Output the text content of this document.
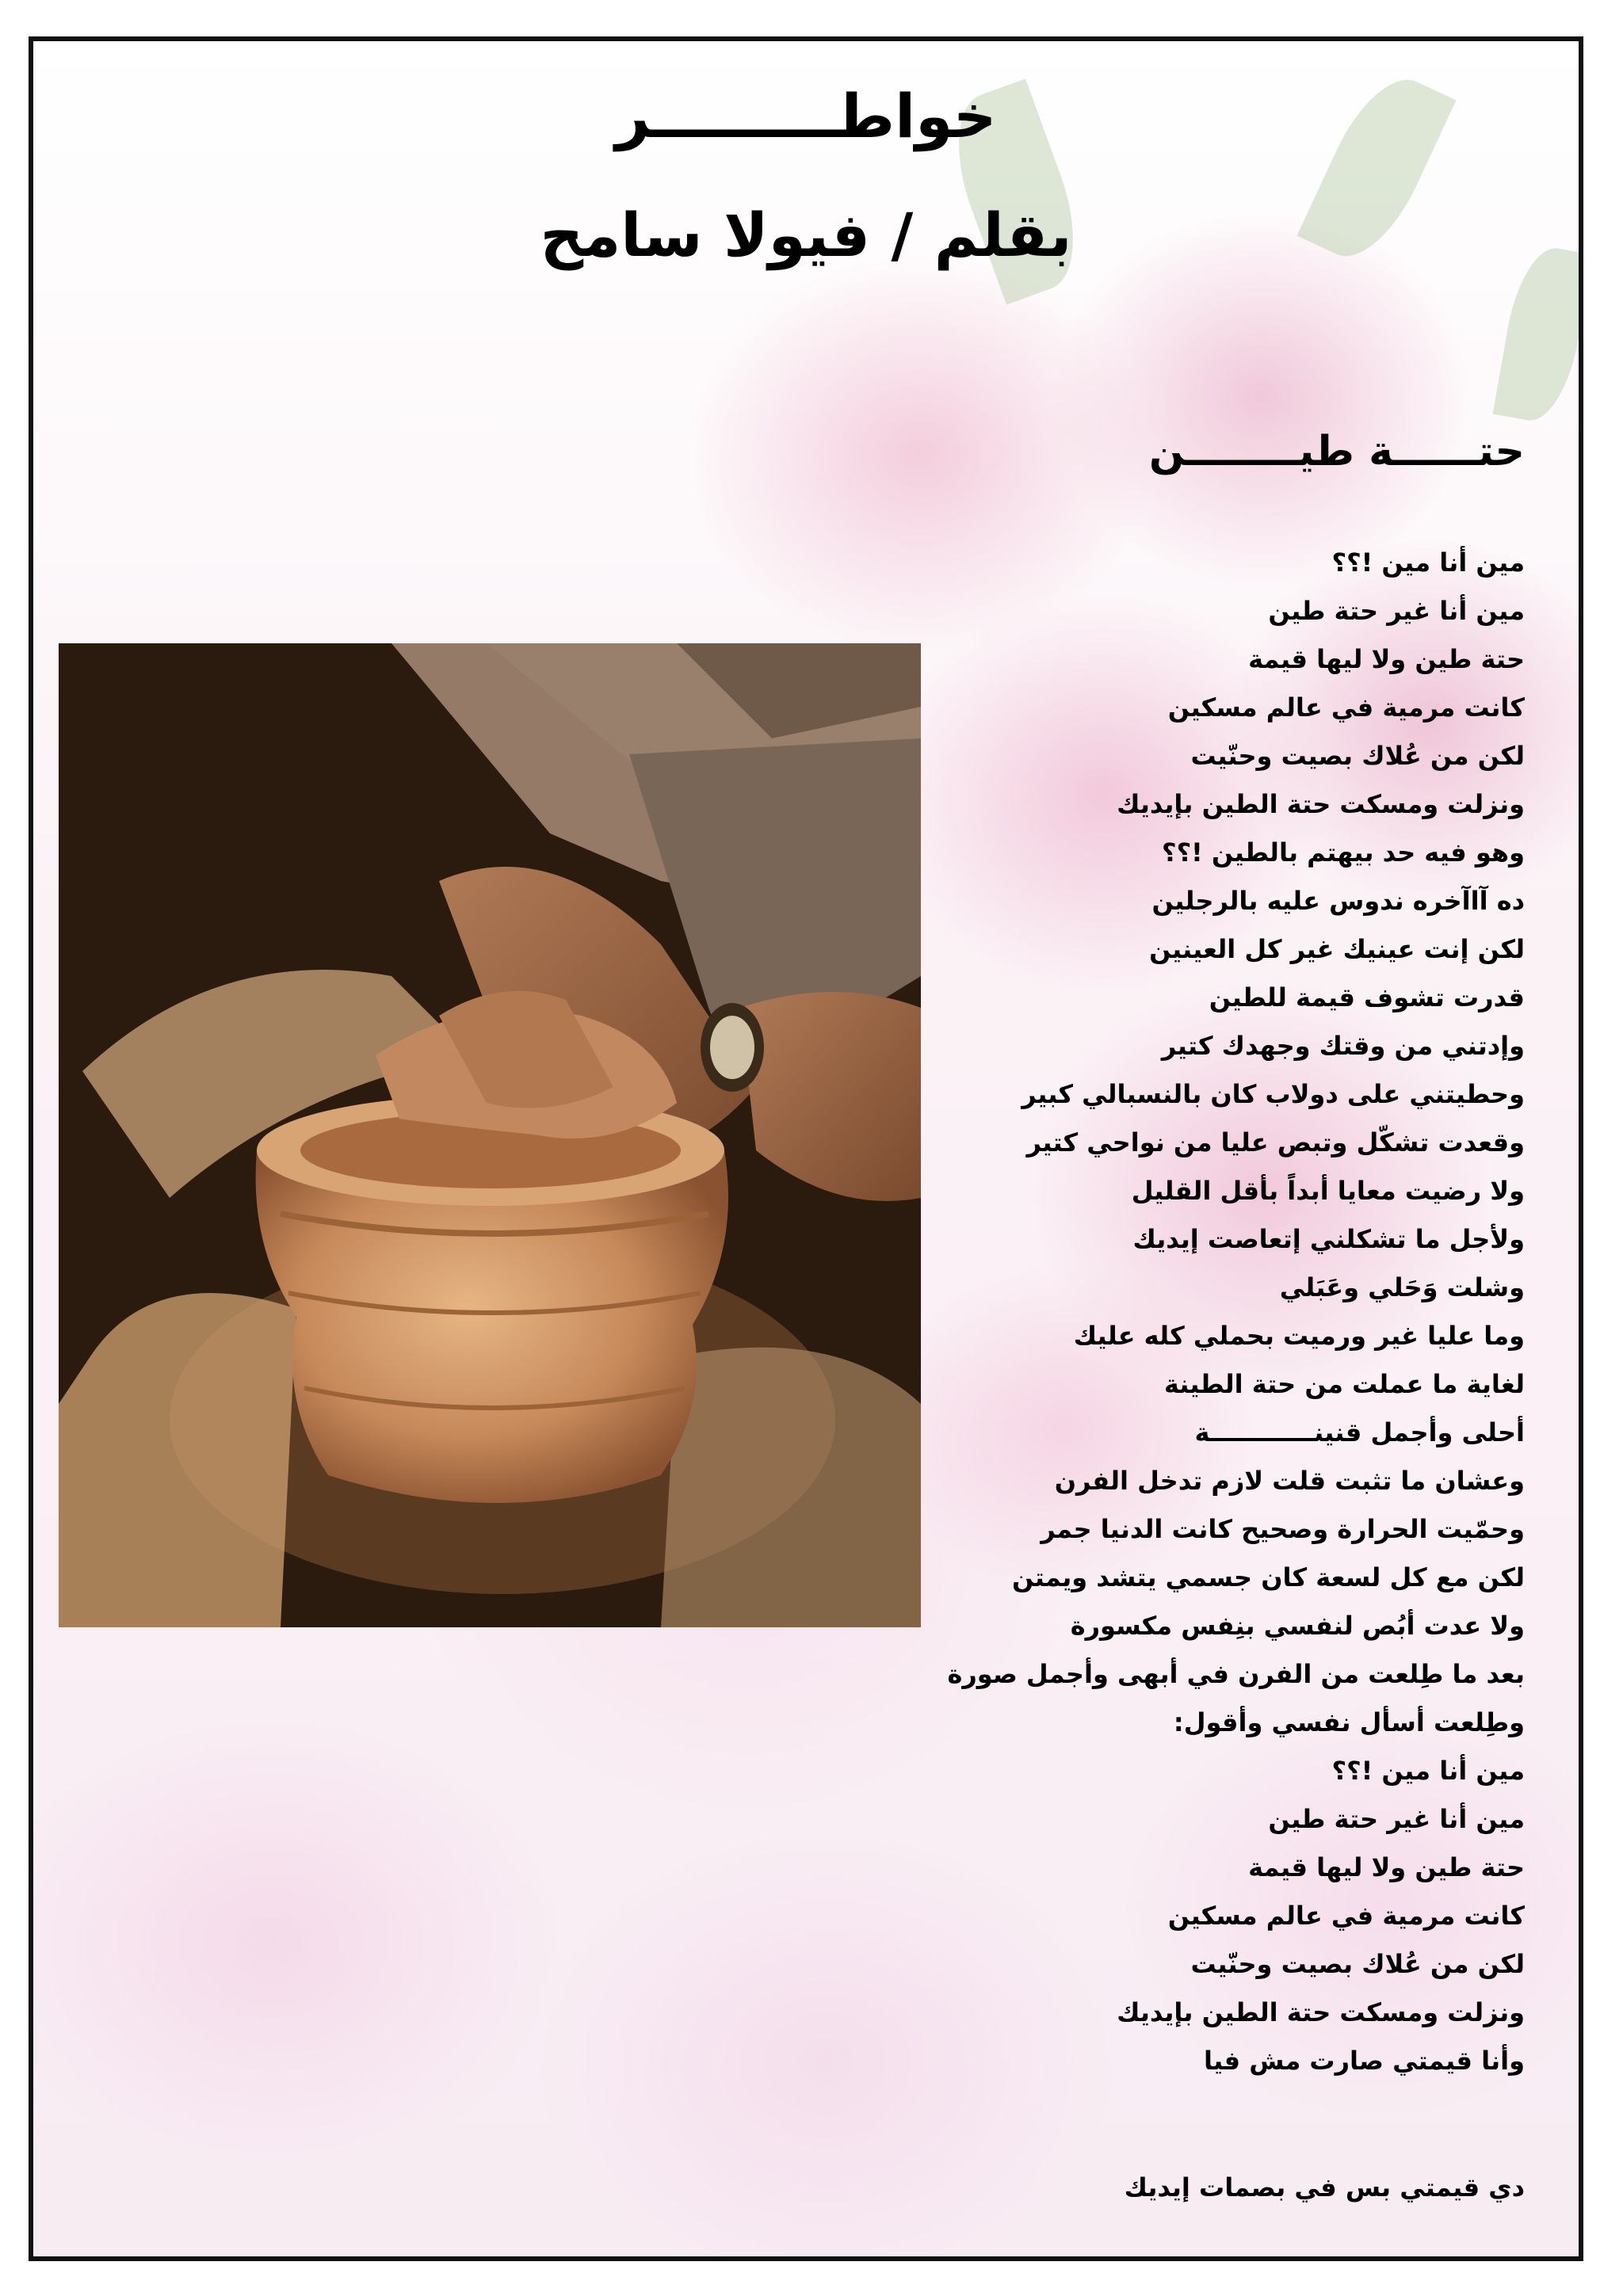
خواطـــــــــر
بقلم / فيولا سامح
حتــــــة طيــــــــن
مين أنا مين !؟؟
مين أنا غير حتة طين
حتة طين ولا ليها قيمة
كانت مرمية في عالم مسكين
لكن من عُلاك بصيت وحنّيت
ونزلت ومسكت حتة الطين بإيديك
وهو فيه حد بيهتم بالطين !؟؟
ده آاآخره ندوس عليه بالرجلين
لكن إنت عينيك غير كل العينين
قدرت تشوف قيمة للطين
وإدتني من وقتك وجهدك كتير
وحطيتني على دولاب كان بالنسبالي كبير
وقعدت تشكّل وتبص عليا من نواحي كتير
ولا رضيت معايا أبداً بأقل القليل
ولأجل ما تشكلني إتعاصت إيديك
وشلت وَحَلي وعَبَلي
وما عليا غير ورميت بحملي كله عليك
لغاية ما عملت من حتة الطينة
أحلى وأجمل قنينــــــــــــة
وعشان ما تثبت قلت لازم تدخل الفرن
وحمّيت الحرارة وصحيح كانت الدنيا جمر
لكن مع كل لسعة كان جسمي يتشد ويمتن
ولا عدت أبُص لنفسي بنِفس مكسورة
بعد ما طِلعت من الفرن في أبهى وأجمل صورة
وطِلعت أسأل نفسي وأقول:
مين أنا مين !؟؟
مين أنا غير حتة طين
حتة طين ولا ليها قيمة
كانت مرمية في عالم مسكين
لكن من عُلاك بصيت وحنّيت
ونزلت ومسكت حتة الطين بإيديك
وأنا قيمتي صارت مش فيا
دي قيمتي بس في بصمات إيديك
